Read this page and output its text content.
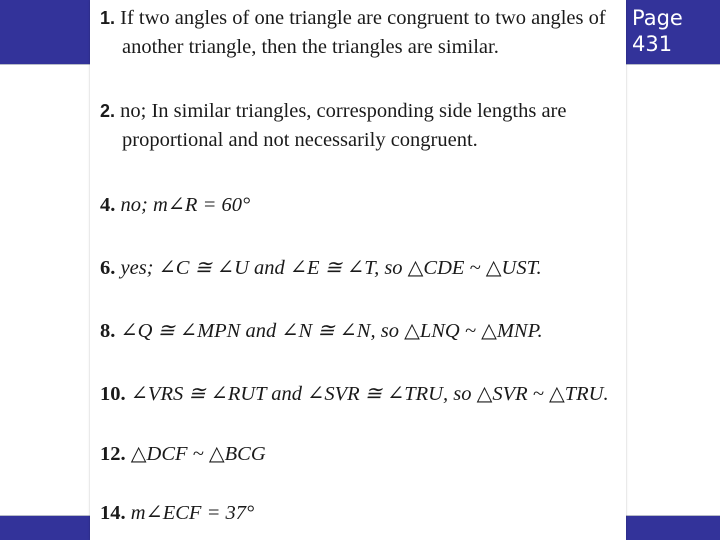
Page
431
1. If two angles of one triangle are congruent to two angles of
another triangle, then the triangles are similar.
2. no; In similar triangles, corresponding side lengths are
proportional and not necessarily congruent.
4. no; m∠R = 60°
6. yes; ∠C ≅ ∠U and ∠E ≅ ∠T, so △CDE ~ △UST.
8. ∠Q ≅ ∠MPN and ∠N ≅ ∠N, so △LNQ ~ △MNP.
10. ∠VRS ≅ ∠RUT and ∠SVR ≅ ∠TRU, so △SVR ~ △TRU.
12. △DCF ~ △BCG
14. m∠ECF = 37°
